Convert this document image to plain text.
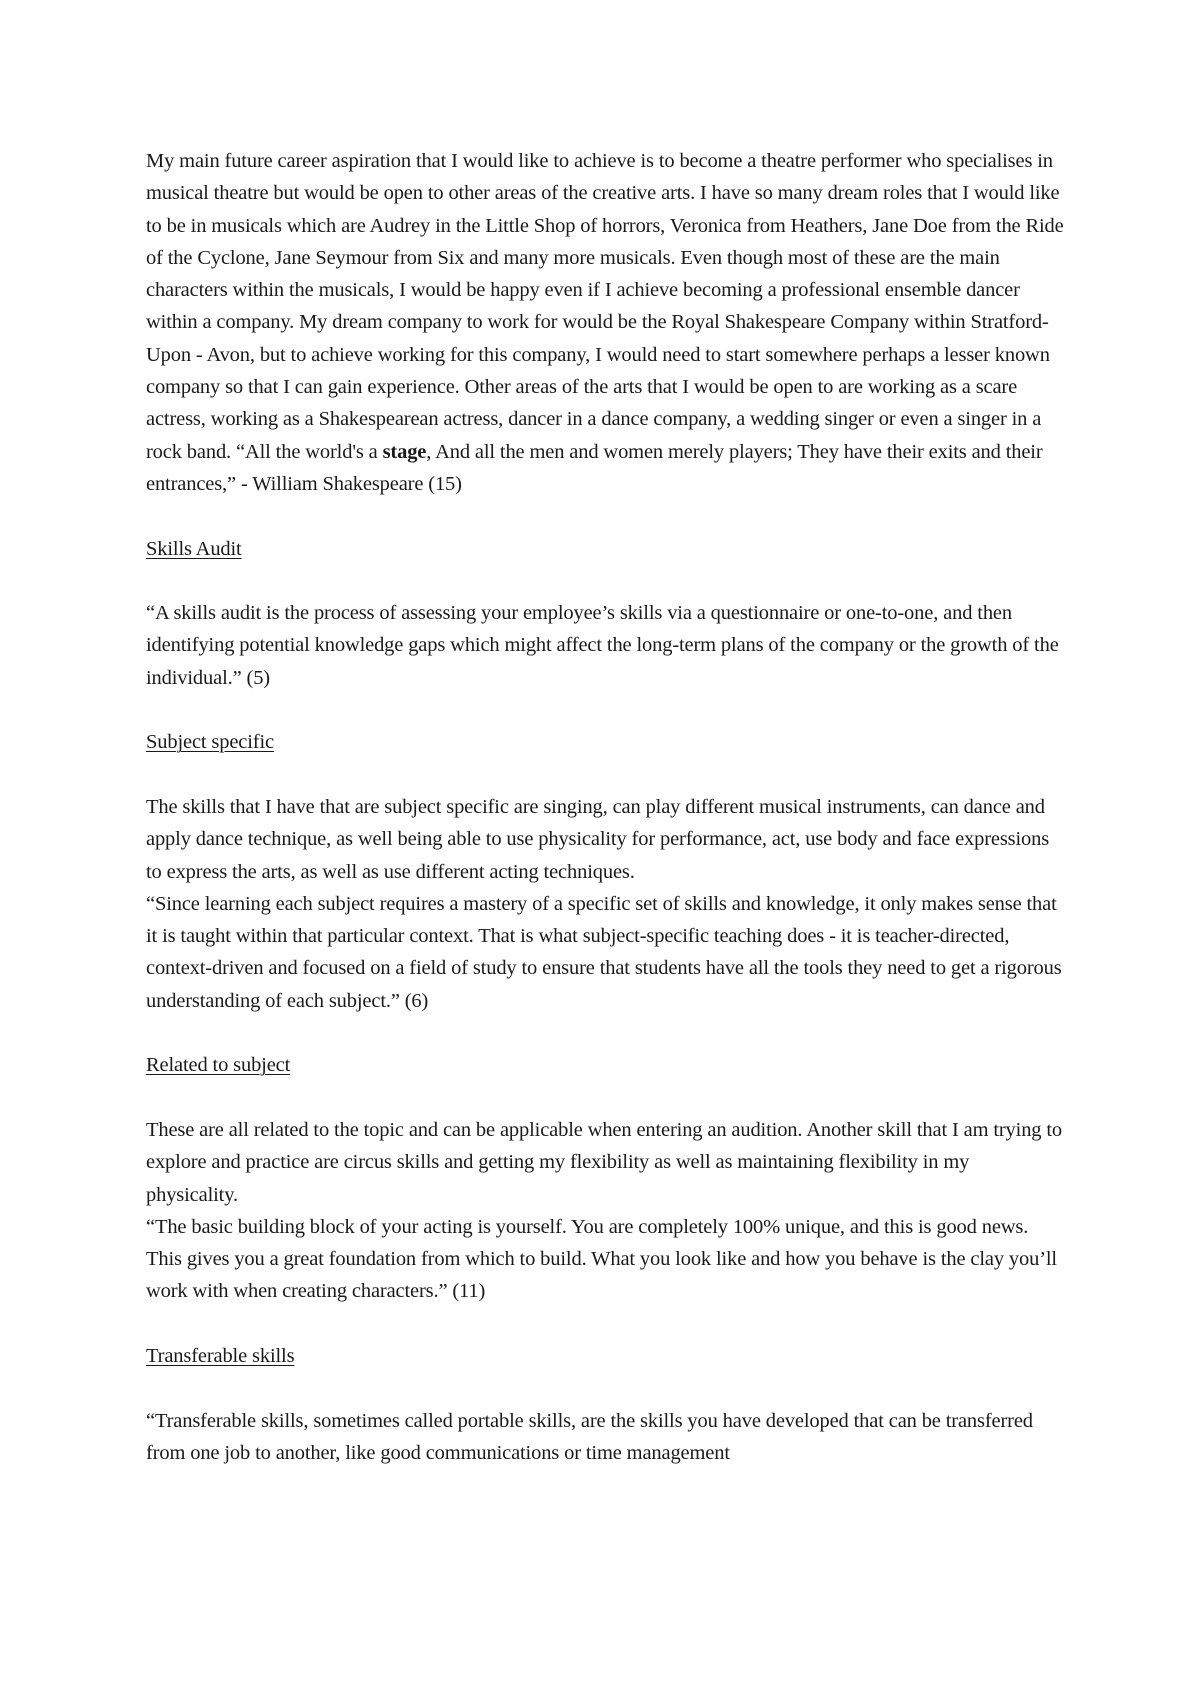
My main future career aspiration that I would like to achieve is to become a theatre performer who specialises in musical theatre but would be open to other areas of the creative arts. I have so many dream roles that I would like to be in musicals which are Audrey in the Little Shop of horrors, Veronica from Heathers, Jane Doe from the Ride of the Cyclone, Jane Seymour from Six and many more musicals. Even though most of these are the main characters within the musicals, I would be happy even if I achieve becoming a professional ensemble dancer within a company. My dream company to work for would be the Royal Shakespeare Company within Stratford- Upon - Avon, but to achieve working for this company, I would need to start somewhere perhaps a lesser known company so that I can gain experience. Other areas of the arts that I would be open to are working as a scare actress, working as a Shakespearean actress, dancer in a dance company, a wedding singer or even a singer in a rock band. “All the world's a stage, And all the men and women merely players; They have their exits and their entrances,” - William Shakespeare (15)

Skills Audit

“A skills audit is the process of assessing your employee’s skills via a questionnaire or one-to-one, and then identifying potential knowledge gaps which might affect the long-term plans of the company or the growth of the individual.” (5)

Subject specific

The skills that I have that are subject specific are singing, can play different musical instruments, can dance and apply dance technique, as well being able to use physicality for performance, act, use body and face expressions to express the arts, as well as use different acting techniques.

“Since learning each subject requires a mastery of a specific set of skills and knowledge, it only makes sense that it is taught within that particular context. That is what subject-specific teaching does - it is teacher-directed, context-driven and focused on a field of study to ensure that students have all the tools they need to get a rigorous understanding of each subject.” (6)

Related to subject

These are all related to the topic and can be applicable when entering an audition. Another skill that I am trying to explore and practice are circus skills and getting my flexibility as well as maintaining flexibility in my physicality.

“The basic building block of your acting is yourself. You are completely 100% unique, and this is good news. This gives you a great foundation from which to build. What you look like and how you behave is the clay you’ll work with when creating characters.” (11)

Transferable skills

“Transferable skills, sometimes called portable skills, are the skills you have developed that can be transferred from one job to another, like good communications or time management
